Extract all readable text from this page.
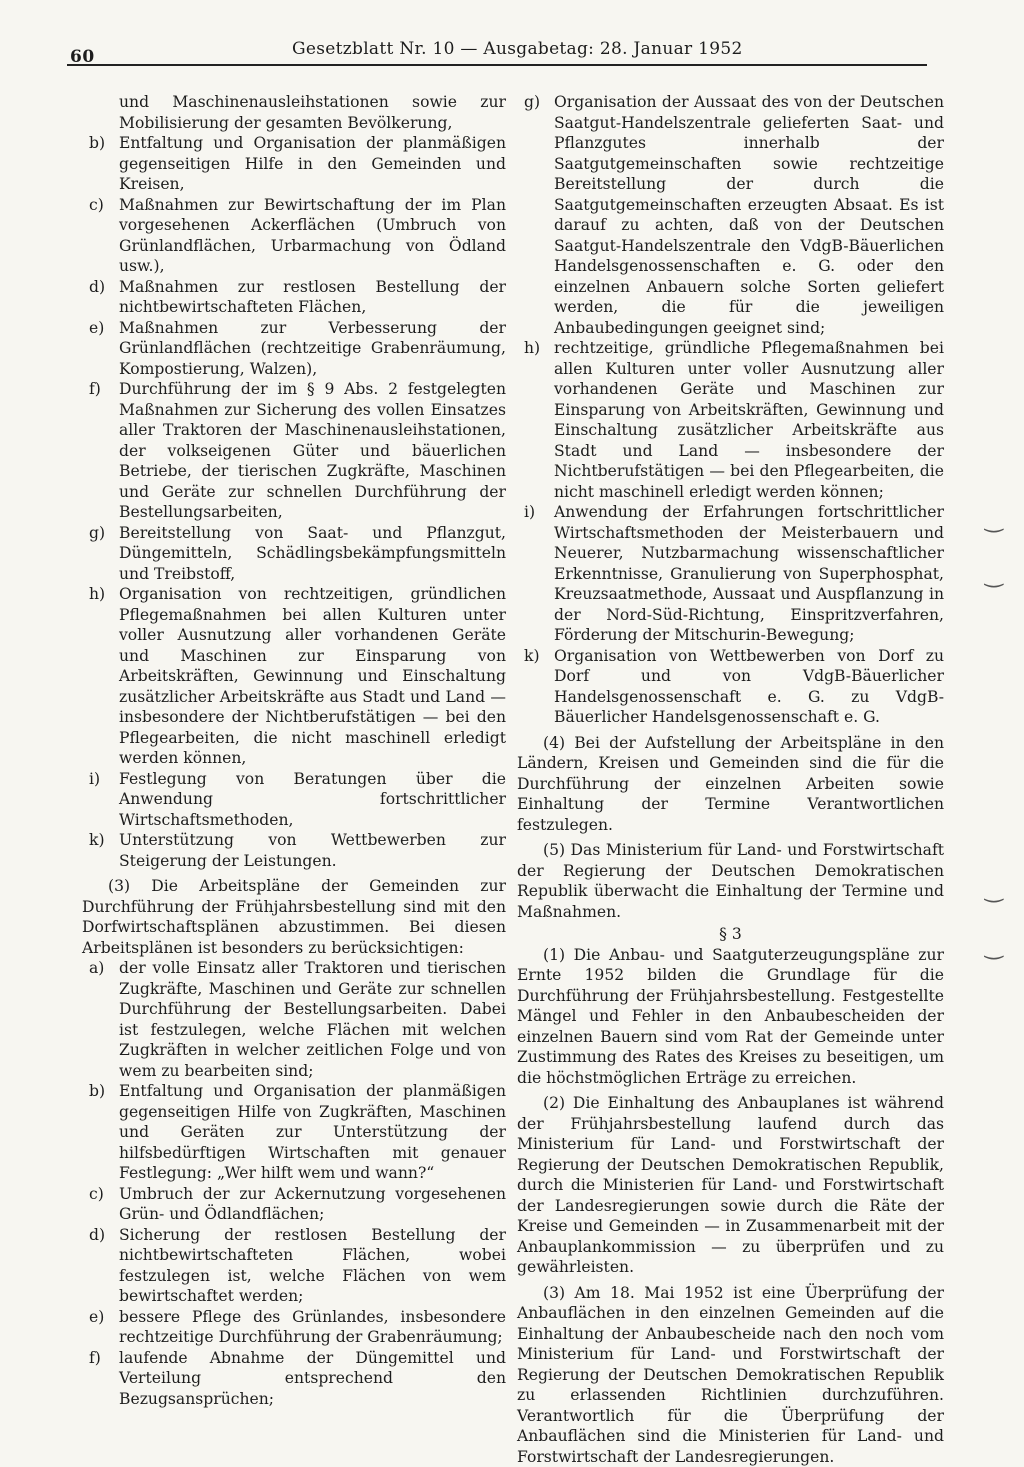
60	Gesetzblatt Nr. 10 — Ausgabetag: 28. Januar 1952
und Maschinenausleihstationen sowie zur Mobilisierung der gesamten Bevölkerung,
b) Entfaltung und Organisation der planmäßigen gegenseitigen Hilfe in den Gemeinden und Kreisen,
c) Maßnahmen zur Bewirtschaftung der im Plan vorgesehenen Ackerflächen (Umbruch von Grünlandflächen, Urbarmachung von Ödland usw.),
d) Maßnahmen zur restlosen Bestellung der nichtbewirtschafteten Flächen,
e) Maßnahmen zur Verbesserung der Grünlandflächen (rechtzeitige Grabenräumung, Kompostierung, Walzen),
f) Durchführung der im § 9 Abs. 2 festgelegten Maßnahmen zur Sicherung des vollen Einsatzes aller Traktoren der Maschinenausleihstationen, der volkseigenen Güter und bäuerlichen Betriebe, der tierischen Zugkräfte, Maschinen und Geräte zur schnellen Durchführung der Bestellungsarbeiten,
g) Bereitstellung von Saat- und Pflanzgut, Düngemitteln, Schädlingsbekämpfungsmitteln und Treibstoff,
h) Organisation von rechtzeitigen, gründlichen Pflegemaßnahmen bei allen Kulturen unter voller Ausnutzung aller vorhandenen Geräte und Maschinen zur Einsparung von Arbeitskräften, Gewinnung und Einschaltung zusätzlicher Arbeitskräfte aus Stadt und Land — insbesondere der Nichtberufstätigen — bei den Pflegearbeiten, die nicht maschinell erledigt werden können,
i) Festlegung von Beratungen über die Anwendung fortschrittlicher Wirtschaftsmethoden,
k) Unterstützung von Wettbewerben zur Steigerung der Leistungen.
(3) Die Arbeitspläne der Gemeinden zur Durchführung der Frühjahrsbestellung sind mit den Dorfwirtschaftsplänen abzustimmen. Bei diesen Arbeitsplänen ist besonders zu berücksichtigen:
a) der volle Einsatz aller Traktoren und tierischen Zugkräfte, Maschinen und Geräte zur schnellen Durchführung der Bestellungsarbeiten. Dabei ist festzulegen, welche Flächen mit welchen Zugkräften in welcher zeitlichen Folge und von wem zu bearbeiten sind;
b) Entfaltung und Organisation der planmäßigen gegenseitigen Hilfe von Zugkräften, Maschinen und Geräten zur Unterstützung der hilfsbedürftigen Wirtschaften mit genauer Festlegung: „Wer hilft wem und wann?“
c) Umbruch der zur Ackernutzung vorgesehenen Grün- und Ödlandflächen;
d) Sicherung der restlosen Bestellung der nichtbewirtschafteten Flächen, wobei festzulegen ist, welche Flächen von wem bewirtschaftet werden;
e) bessere Pflege des Grünlandes, insbesondere rechtzeitige Durchführung der Grabenräumung;
f) laufende Abnahme der Düngemittel und Verteilung entsprechend den Bezugsansprüchen;
g) Organisation der Aussaat des von der Deutschen Saatgut-Handelszentrale gelieferten Saat- und Pflanzgutes innerhalb der Saatgutgemeinschaften sowie rechtzeitige Bereitstellung der durch die Saatgutgemeinschaften erzeugten Absaat. Es ist darauf zu achten, daß von der Deutschen Saatgut-Handelszentrale den VdgB-Bäuerlichen Handelsgenossenschaften e. G. oder den einzelnen Anbauern solche Sorten geliefert werden, die für die jeweiligen Anbaubedingungen geeignet sind;
h) rechtzeitige, gründliche Pflegemaßnahmen bei allen Kulturen unter voller Ausnutzung aller vorhandenen Geräte und Maschinen zur Einsparung von Arbeitskräften, Gewinnung und Einschaltung zusätzlicher Arbeitskräfte aus Stadt und Land — insbesondere der Nichtberufstätigen — bei den Pflegearbeiten, die nicht maschinell erledigt werden können;
i) Anwendung der Erfahrungen fortschrittlicher Wirtschaftsmethoden der Meisterbauern und Neuerer, Nutzbarmachung wissenschaftlicher Erkenntnisse, Granulierung von Superphosphat, Kreuzsaatmethode, Aussaat und Auspflanzung in der Nord-Süd-Richtung, Einspritzverfahren, Förderung der Mitschurin-Bewegung;
k) Organisation von Wettbewerben von Dorf zu Dorf und von VdgB-Bäuerlicher Handelsgenossenschaft e. G. zu VdgB-Bäuerlicher Handelsgenossenschaft e. G.
(4) Bei der Aufstellung der Arbeitspläne in den Ländern, Kreisen und Gemeinden sind die für die Durchführung der einzelnen Arbeiten sowie Einhaltung der Termine Verantwortlichen festzulegen.
(5) Das Ministerium für Land- und Forstwirtschaft der Regierung der Deutschen Demokratischen Republik überwacht die Einhaltung der Termine und Maßnahmen.
§ 3
(1) Die Anbau- und Saatguterzeugungspläne zur Ernte 1952 bilden die Grundlage für die Durchführung der Frühjahrsbestellung. Festgestellte Mängel und Fehler in den Anbaubescheiden der einzelnen Bauern sind vom Rat der Gemeinde unter Zustimmung des Rates des Kreises zu beseitigen, um die höchstmöglichen Erträge zu erreichen.
(2) Die Einhaltung des Anbauplanes ist während der Frühjahrsbestellung laufend durch das Ministerium für Land- und Forstwirtschaft der Regierung der Deutschen Demokratischen Republik, durch die Ministerien für Land- und Forstwirtschaft der Landesregierungen sowie durch die Räte der Kreise und Gemeinden — in Zusammenarbeit mit der Anbauplankommission — zu überprüfen und zu gewährleisten.
(3) Am 18. Mai 1952 ist eine Überprüfung der Anbauflächen in den einzelnen Gemeinden auf die Einhaltung der Anbaubescheide nach den noch vom Ministerium für Land- und Forstwirtschaft der Regierung der Deutschen Demokratischen Republik zu erlassenden Richtlinien durchzuführen. Verantwortlich für die Überprüfung der Anbauflächen sind die Ministerien für Land- und Forstwirtschaft der Landesregierungen.
‿
‿
‿
‿
